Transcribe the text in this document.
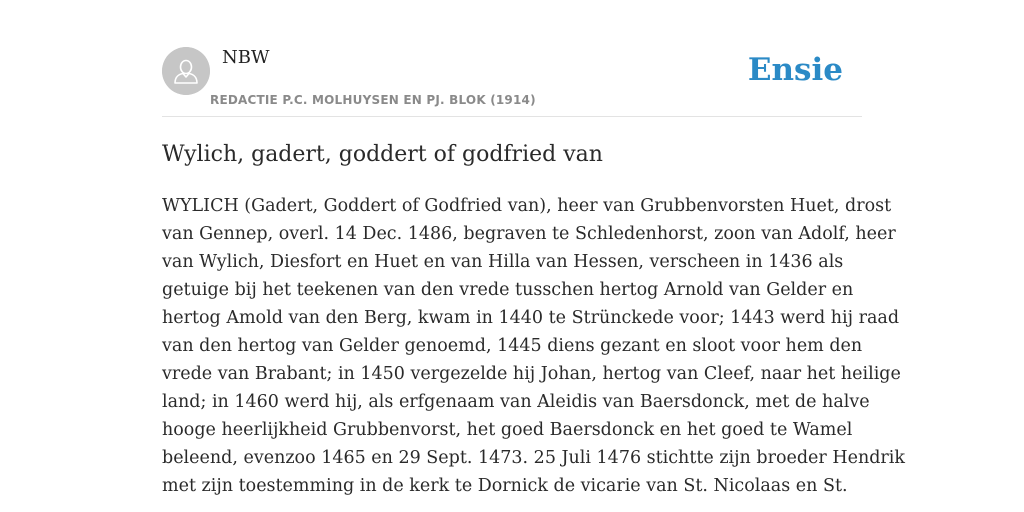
NBW
REDACTIE P.C. MOLHUYSEN EN PJ. BLOK (1914)
Ensie
Wylich, gadert, goddert of godfried van
WYLICH (Gadert, Goddert of Godfried van), heer van Grubbenvorsten Huet, drost
van Gennep, overl. 14 Dec. 1486, begraven te Schledenhorst, zoon van Adolf, heer
van Wylich, Diesfort en Huet en van Hilla van Hessen, verscheen in 1436 als
getuige bij het teekenen van den vrede tusschen hertog Arnold van Gelder en
hertog Amold van den Berg, kwam in 1440 te Strünckede voor; 1443 werd hij raad
van den hertog van Gelder genoemd, 1445 diens gezant en sloot voor hem den
vrede van Brabant; in 1450 vergezelde hij Johan, hertog van Cleef, naar het heilige
land; in 1460 werd hij, als erfgenaam van Aleidis van Baersdonck, met de halve
hooge heerlijkheid Grubbenvorst, het goed Baersdonck en het goed te Wamel
beleend, evenzoo 1465 en 29 Sept. 1473. 25 Juli 1476 stichtte zijn broeder Hendrik
met zijn toestemming in de kerk te Dornick de vicarie van St. Nicolaas en St.
